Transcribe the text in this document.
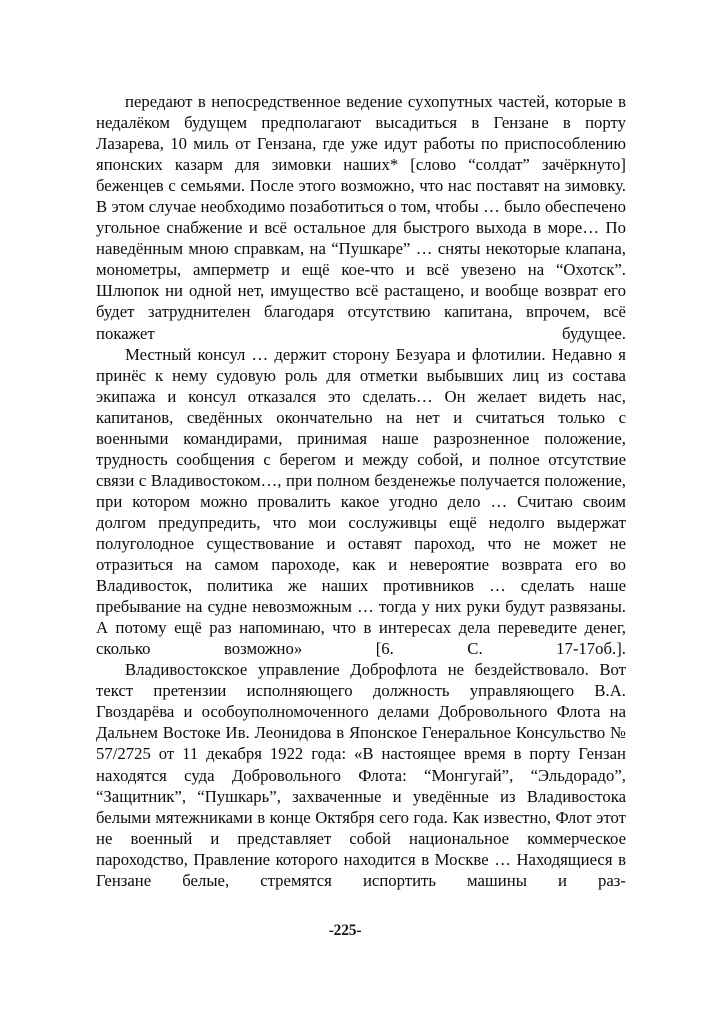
передают в непосредственное ведение сухопутных частей, которые в недалёком будущем предполагают высадиться в Гензане в порту Лазарева, 10 миль от Гензана, где уже идут работы по приспособлению японских казарм для зимовки наших* [слово “солдат” зачёркнуто] беженцев с семьями. После этого возможно, что нас поставят на зимовку. В этом случае необходимо позаботиться о том, чтобы … было обеспечено угольное снабжение и всё остальное для быстрого выхода в море… По наведённым мною справкам, на “Пушкаре” … сняты некоторые клапана, монометры, амперметр и ещё кое-что и всё увезено на “Охотск”. Шлюпок ни одной нет, имущество всё растащено, и вообще возврат его будет затруднителен благодаря отсутствию капитана, впрочем, всё покажет будущее.

Местный консул … держит сторону Безуара и флотилии. Недавно я принёс к нему судовую роль для отметки выбывших лиц из состава экипажа и консул отказался это сделать… Он желает видеть нас, капитанов, сведённых окончательно на нет и считаться только с военными командирами, принимая наше разрозненное положение, трудность сообщения с берегом и между собой, и полное отсутствие связи с Владивостоком…, при полном безденежье получается положение, при котором можно провалить какое угодно дело … Считаю своим долгом предупредить, что мои сослуживцы ещё недолго выдержат полуголодное существование и оставят пароход, что не может не отразиться на самом пароходе, как и невероятие возврата его во Владивосток, политика же наших противников … сделать наше пребывание на судне невозможным … тогда у них руки будут развязаны. А потому ещё раз напоминаю, что в интересах дела переведите денег, сколько возможно» [6. С. 17-17об.].

Владивостокское управление Доброфлота не бездействовало. Вот текст претензии исполняющего должность управляющего В.А. Гвоздарёва и особоуполномоченного делами Добровольного Флота на Дальнем Востоке Ив. Леонидова в Японское Генеральное Консульство № 57/2725 от 11 декабря 1922 года: «В настоящее время в порту Гензан находятся суда Добровольного Флота: “Монгугай”, “Эльдорадо”, “Защитник”, “Пушкарь”, захваченные и уведённые из Владивостока белыми мятежниками в конце Октября сего года. Как известно, Флот этот не военный и представляет собой национальное коммерческое пароходство, Правление которого находится в Москве … Находящиеся в Гензане белые, стремятся испортить машины и раз-

-225-
